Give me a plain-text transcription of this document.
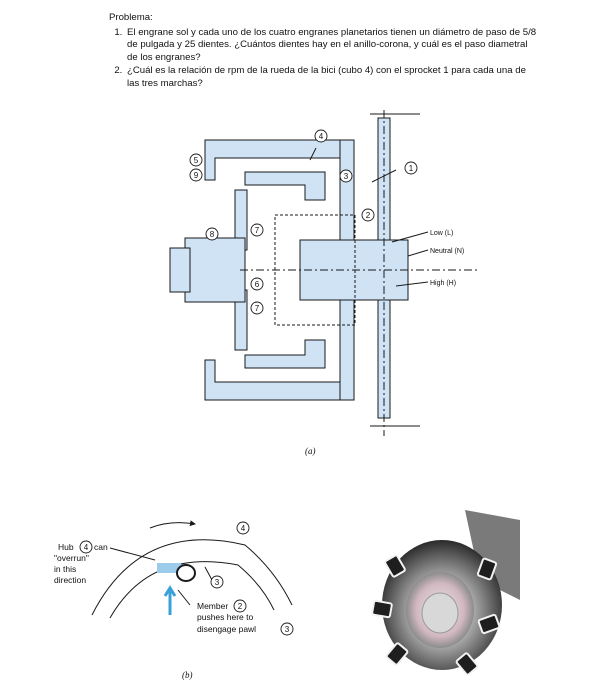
Problema:
1. El engrane sol y cada uno de los cuatro engranes planetarios tienen un diámetro de paso de 5/8 de pulgada y 25 dientes. ¿Cuántos dientes hay en el anillo-corona, y cuál es el paso diametral de los engranes?
2. ¿Cuál es la relación de rpm de la rueda de la bici (cubo 4) con el sprocket 1 para cada una de las tres marchas?
4
1
5
9	3
2
8	7
6
7
Low (L)
Neutral (N)
High (H)
(a)
4
3
Hub 4 can
"overrun"
in this
direction
Member 2
pushes here to
disengage pawl	3
(b)
